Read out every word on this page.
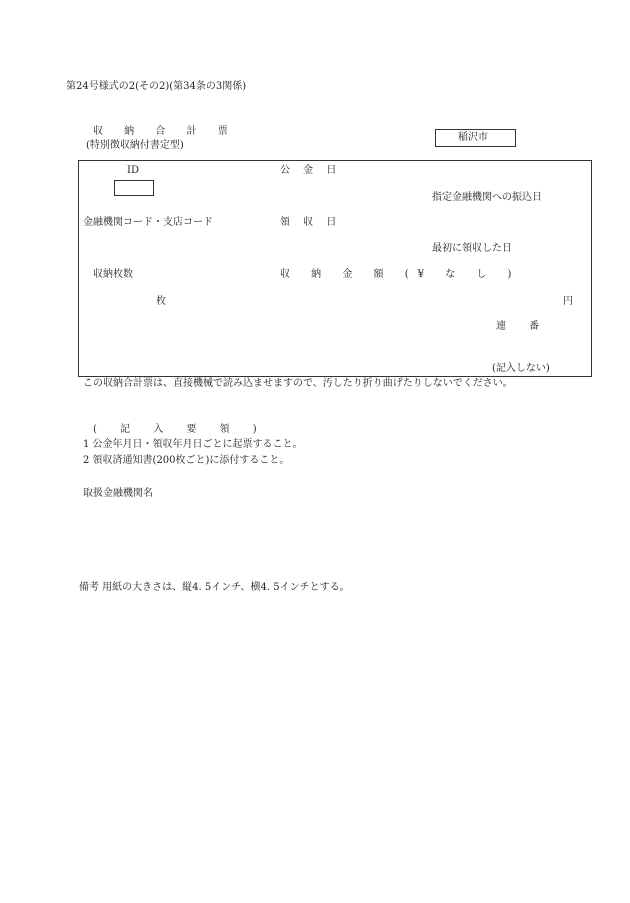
第24号様式の2(その2)(第34条の3関係)
収 納 合 計 票
(特別徴収納付書定型)
稲沢市
ID	公 金 日
指定金融機関への振込日
金融機関コード・支店コード	領 収 日
最初に領収した日
収納枚数	収 納 金 額 (¥ な し )
枚	円
連 番
(記入しない)
この収納合計票は、直接機械で読み込ませますので、汚したり折り曲げたりしないでください。
( 記 入 要 領 )
1 公金年月日・領収年月日ごとに起票すること。
2 領収済通知書(200枚ごと)に添付すること。
取扱金融機関名
備考 用紙の大きさは、縦4. 5インチ、横4. 5インチとする。
